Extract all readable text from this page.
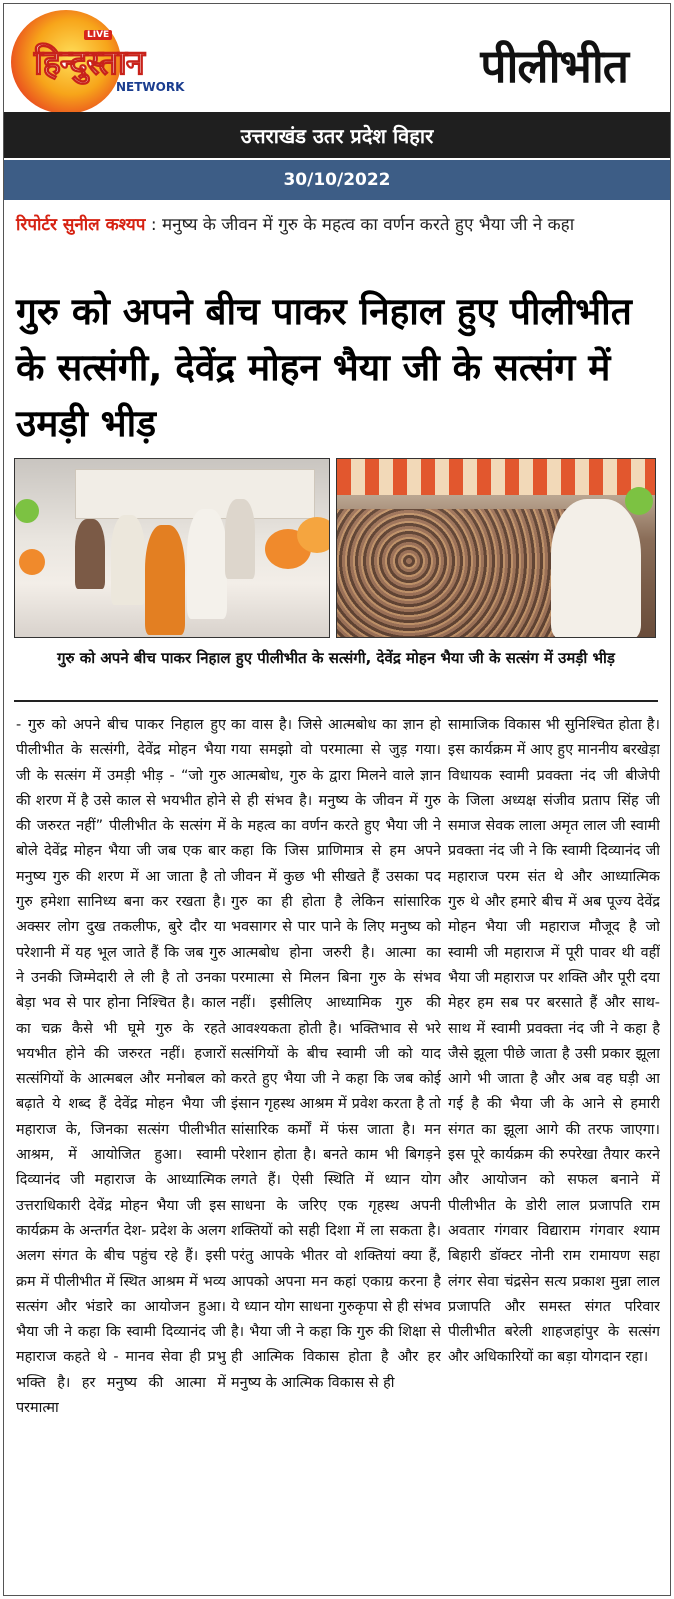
LIVE
हिन्दुस्तान
NETWORK	पीलीभीत
उत्तराखंड उतर प्रदेश विहार
30/10/2022
रिपोर्टर सुनील कश्यप : मनुष्य के जीवन में गुरु के महत्व का वर्णन करते हुए भैया जी ने कहा
गुरु को अपने बीच पाकर निहाल हुए पीलीभीत के सत्संगी, देवेंद्र मोहन भैया जी के सत्संग में उमड़ी भीड़
गुरु को अपने बीच पाकर निहाल हुए पीलीभीत के सत्संगी, देवेंद्र मोहन भैया जी के सत्संग में उमड़ी भीड़
- गुरु को अपने बीच पाकर निहाल हुए पीलीभीत के सत्संगी, देवेंद्र मोहन भैया जी के सत्संग में उमड़ी भीड़ - “जो गुरु की शरण में है उसे काल से भयभीत होने की जरुरत नहीं” पीलीभीत के सत्संग में बोले देवेंद्र मोहन भैया जी जब एक बार मनुष्य गुरु की शरण में आ जाता है तो गुरु हमेशा सानिध्य बना कर रखता है। अक्सर लोग दुख तकलीफ, बुरे दौर या परेशानी में यह भूल जाते हैं कि जब गुरु ने उनकी जिम्मेदारी ले ली है तो उनका बेड़ा भव से पार होना निश्चित है। काल का चक्र कैसे भी घूमे गुरु के रहते भयभीत होने की जरुरत नहीं। हजारों सत्संगियों के आत्मबल और मनोबल को बढ़ाते ये शब्द हैं देवेंद्र मोहन भैया जी महाराज के, जिनका सत्संग पीलीभीत आश्रम, में आयोजित हुआ। स्वामी दिव्यानंद जी महाराज के आध्यात्मिक उत्तराधिकारी देवेंद्र मोहन भैया जी इस कार्यक्रम के अन्तर्गत देश- प्रदेश के अलग अलग संगत के बीच पहुंच रहे हैं। इसी क्रम में पीलीभीत में स्थित आश्रम में भव्य सत्संग और भंडारे का आयोजन हुआ। भैया जी ने कहा कि स्वामी दिव्यानंद जी महाराज कहते थे - मानव सेवा ही प्रभु भक्ति है। हर मनुष्य की आत्मा में परमात्मा
का वास है। जिसे आत्मबोध का ज्ञान हो गया समझो वो परमात्मा से जुड़ गया। आत्मबोध, गुरु के द्वारा मिलने वाले ज्ञान से ही संभव है। मनुष्य के जीवन में गुरु के महत्व का वर्णन करते हुए भैया जी ने कहा कि जिस प्राणिमात्र से हम अपने जीवन में कुछ भी सीखते हैं उसका पद गुरु का ही होता है लेकिन सांसारिक भवसागर से पार पाने के लिए मनुष्य को आत्मबोध होना जरुरी है। आत्मा का परमात्मा से मिलन बिना गुरु के संभव नहीं। इसीलिए आध्यामिक गुरु की आवश्यकता होती है। भक्तिभाव से भरे सत्संगियों के बीच स्वामी जी को याद करते हुए भैया जी ने कहा कि जब कोई इंसान गृहस्थ आश्रम में प्रवेश करता है तो सांसारिक कर्मों में फंस जाता है। मन परेशान होता है। बनते काम भी बिगड़ने लगते हैं। ऐसी स्थिति में ध्यान योग साधना के जरिए एक गृहस्थ अपनी शक्तियों को सही दिशा में ला सकता है। परंतु आपके भीतर वो शक्तियां क्या हैं, आपको अपना मन कहां एकाग्र करना है ये ध्यान योग साधना गुरुकृपा से ही संभव है। भैया जी ने कहा कि गुरु की शिक्षा से ही आत्मिक विकास होता है और हर मनुष्य के आत्मिक विकास से ही
सामाजिक विकास भी सुनिश्चित होता है। इस कार्यक्रम में आए हुए माननीय बरखेड़ा विधायक स्वामी प्रवक्ता नंद जी बीजेपी के जिला अध्यक्ष संजीव प्रताप सिंह जी समाज सेवक लाला अमृत लाल जी स्वामी प्रवक्ता नंद जी ने कि स्वामी दिव्यानंद जी महाराज परम संत थे और आध्यात्मिक गुरु थे और हमारे बीच में अब पूज्य देवेंद्र मोहन भैया जी महाराज मौजूद है जो स्वामी जी महाराज में पूरी पावर थी वहीं भैया जी महाराज पर शक्ति और पूरी दया मेहर हम सब पर बरसाते हैं और साथ-साथ में स्वामी प्रवक्ता नंद जी ने कहा है जैसे झूला पीछे जाता है उसी प्रकार झूला आगे भी जाता है और अब वह घड़ी आ गई है की भैया जी के आने से हमारी संगत का झूला आगे की तरफ जाएगा। इस पूरे कार्यक्रम की रुपरेखा तैयार करने और आयोजन को सफल बनाने में पीलीभीत के डोरी लाल प्रजापति राम अवतार गंगवार विद्याराम गंगवार श्याम बिहारी डॉक्टर नोनी राम रामायण सहा लंगर सेवा चंद्रसेन सत्य प्रकाश मुन्ना लाल प्रजापति और समस्त संगत परिवार पीलीभीत बरेली शाहजहांपुर के सत्संग और अधिकारियों का बड़ा योगदान रहा।
